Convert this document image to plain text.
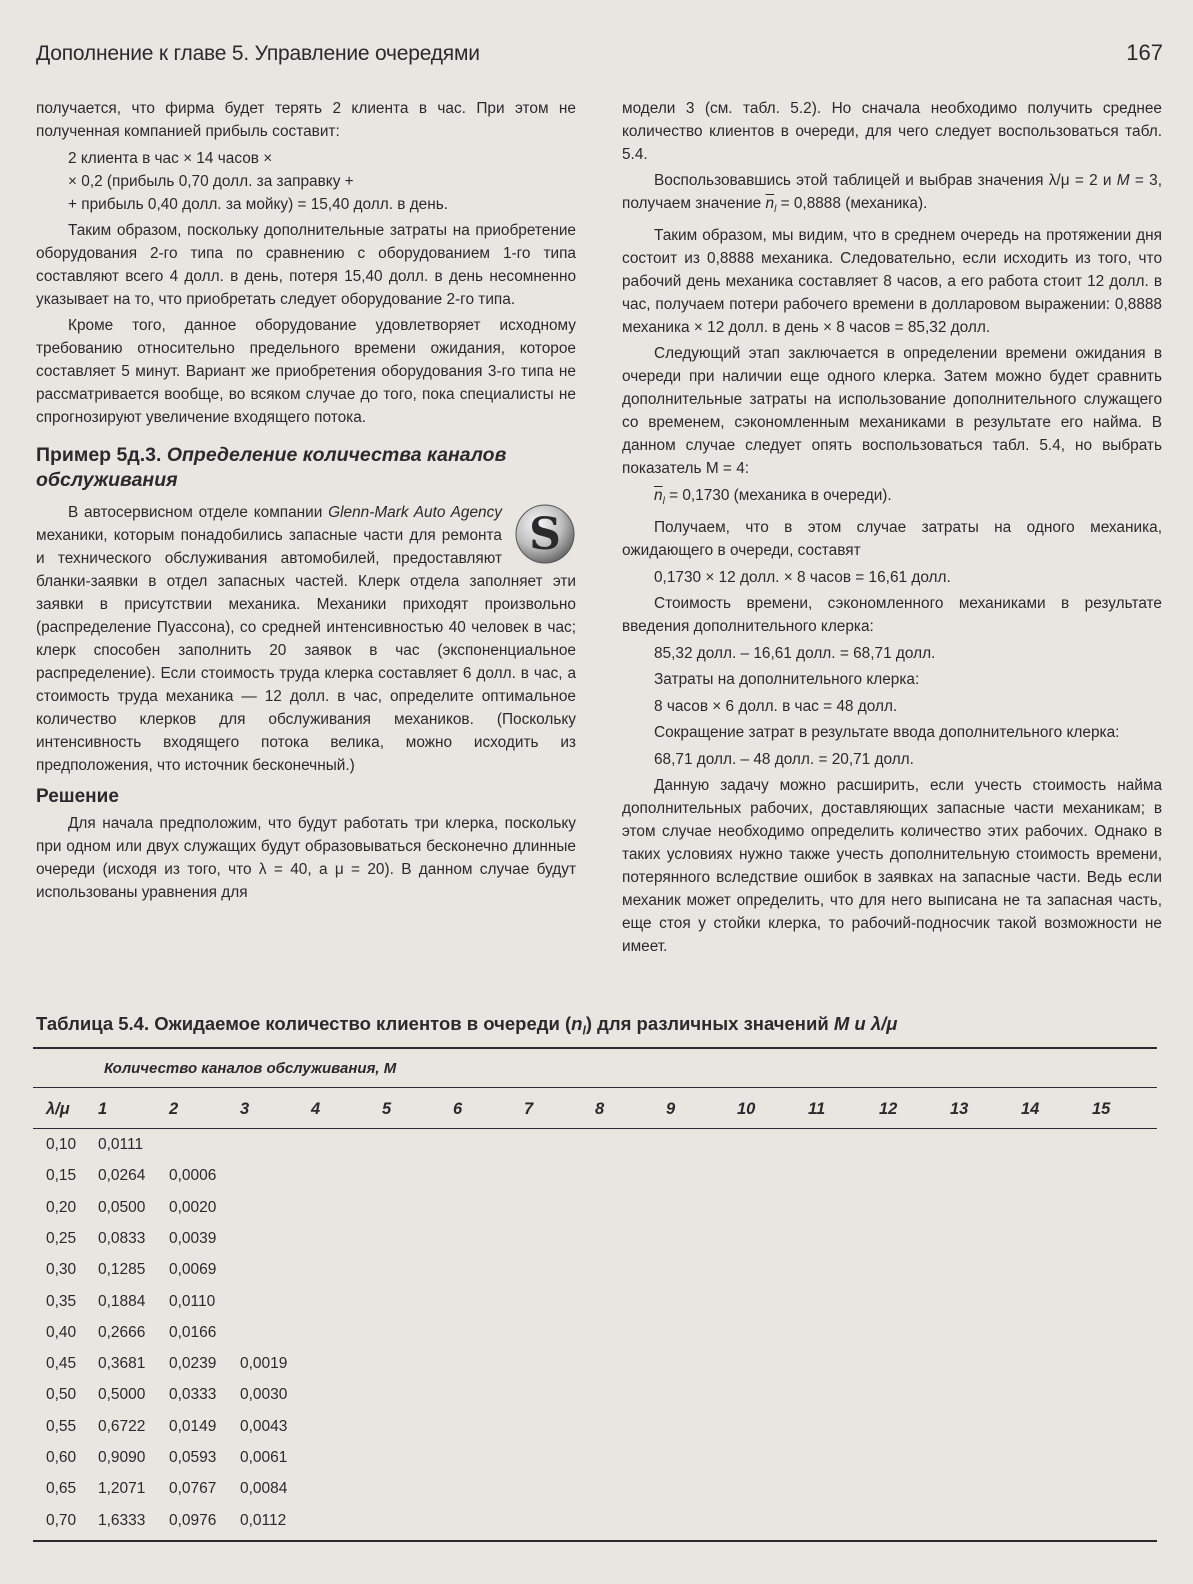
Дополнение к главе 5. Управление очередями	167

получается, что фирма будет терять 2 клиента в час. При этом не полученная компанией прибыль составит:

2 клиента в час × 14 часов ×
× 0,2 (прибыль 0,70 долл. за заправку +
+ прибыль 0,40 долл. за мойку) = 15,40 долл. в день.

Таким образом, поскольку дополнительные затраты на приобретение оборудования 2-го типа по сравнению с оборудованием 1-го типа составляют всего 4 долл. в день, потеря 15,40 долл. в день несомненно указывает на то, что приобретать следует оборудование 2-го типа.

Кроме того, данное оборудование удовлетворяет исходному требованию относительно предельного времени ожидания, которое составляет 5 минут. Вариант же приобретения оборудования 3-го типа не рассматривается вообще, во всяком случае до того, пока специалисты не спрогнозируют увеличение входящего потока.

Пример 5д.3. Определение количества каналов обслуживания
S

В автосервисном отделе компании Glenn-Mark Auto Agency механики, которым понадобились запасные части для ремонта и технического обслуживания автомобилей, предоставляют бланки-заявки в отдел запасных частей. Клерк отдела заполняет эти заявки в присутствии механика. Механики приходят произвольно (распределение Пуассона), со средней интенсивностью 40 человек в час; клерк способен заполнить 20 заявок в час (экспоненциальное распределение). Если стоимость труда клерка составляет 6 долл. в час, а стоимость труда механика — 12 долл. в час, определите оптимальное количество клерков для обслуживания механиков. (Поскольку интенсивность входящего потока велика, можно исходить из предположения, что источник бесконечный.)

Решение

Для начала предположим, что будут работать три клерка, поскольку при одном или двух служащих будут образовываться бесконечно длинные очереди (исходя из того, что λ = 40, а μ = 20). В данном случае будут использованы уравнения для

модели 3 (см. табл. 5.2). Но сначала необходимо получить среднее количество клиентов в очереди, для чего следует воспользоваться табл. 5.4.

Воспользовавшись этой таблицей и выбрав значения λ/μ = 2 и M = 3, получаем значение $\overline{n}_l = 0,8888$ (механика).

Таким образом, мы видим, что в среднем очередь на протяжении дня состоит из 0,8888 механика. Следовательно, если исходить из того, что рабочий день механика составляет 8 часов, а его работа стоит 12 долл. в час, получаем потери рабочего времени в долларовом выражении: 0,8888 механика × 12 долл. в день × 8 часов = 85,32 долл.

Следующий этап заключается в определении времени ожидания в очереди при наличии еще одного клерка. Затем можно будет сравнить дополнительные затраты на использование дополнительного служащего со временем, сэкономленным механиками в результате его найма. В данном случае следует опять воспользоваться табл. 5.4, но выбрать показатель М = 4:

$\overline{n}_l = 0,1730$ (механика в очереди).

Получаем, что в этом случае затраты на одного механика, ожидающего в очереди, составят

0,1730 × 12 долл. × 8 часов = 16,61 долл.

Стоимость времени, сэкономленного механиками в результате введения дополнительного клерка:

85,32 долл. – 16,61 долл. = 68,71 долл.

Затраты на дополнительного клерка:

8 часов × 6 долл. в час = 48 долл.

Сокращение затрат в результате ввода дополнительного клерка:

68,71 долл. – 48 долл. = 20,71 долл.

Данную задачу можно расширить, если учесть стоимость найма дополнительных рабочих, доставляющих запасные части механикам; в этом случае необходимо определить количество этих рабочих. Однако в таких условиях нужно также учесть дополнительную стоимость времени, потерянного вследствие ошибок в заявках на запасные части. Ведь если механик может определить, что для него выписана не та запасная часть, еще стоя у стойки клерка, то рабочий-подносчик такой возможности не имеет.

Таблица 5.4. Ожидаемое количество клиентов в очереди $(n_l)$ для различных значений M и λ/μ
Количество каналов обслуживания, M
λ/μ 1	2	3	4	5	6	7	8	9	10	11	12	13	14	15
0,10 0,0111
0,15 0,0264 0,0006
0,20 0,0500 0,0020
0,25 0,0833 0,0039
0,30 0,1285 0,0069
0,35 0,1884 0,0110
0,40 0,2666 0,0166
0,45 0,3681 0,0239 0,0019
0,50 0,5000 0,0333 0,0030
0,55 0,6722 0,0149 0,0043
0,60 0,9090 0,0593 0,0061
0,65 1,2071 0,0767 0,0084
0,70 1,6333 0,0976 0,0112
